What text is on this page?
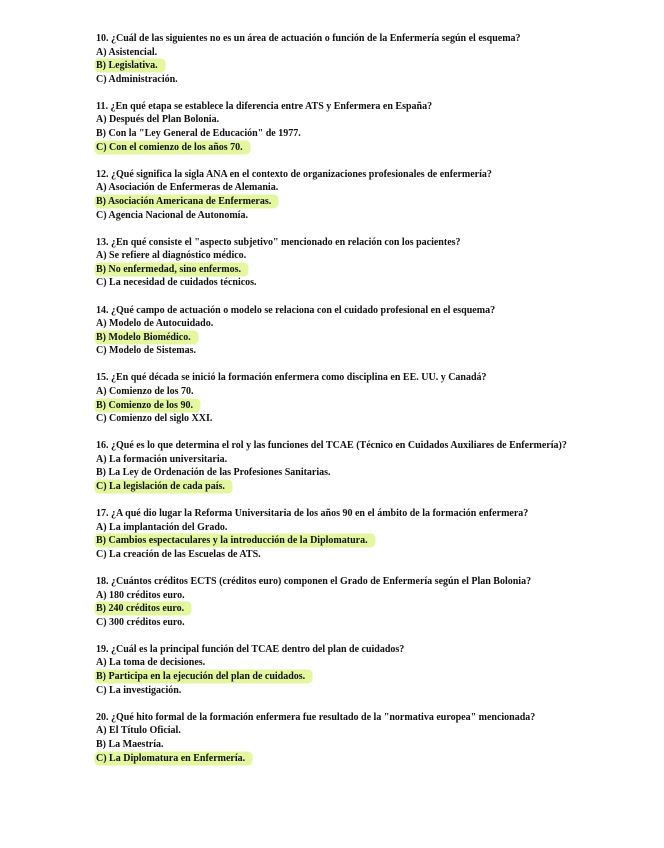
10. ¿Cuál de las siguientes no es un área de actuación o función de la Enfermería según el esquema?
A) Asistencial.
B) Legislativa.
C) Administración.
11. ¿En qué etapa se establece la diferencia entre ATS y Enfermera en España?
A) Después del Plan Bolonia.
B) Con la "Ley General de Educación" de 1977.
C) Con el comienzo de los años 70.
12. ¿Qué significa la sigla ANA en el contexto de organizaciones profesionales de enfermería?
A) Asociación de Enfermeras de Alemania.
B) Asociación Americana de Enfermeras.
C) Agencia Nacional de Autonomía.
13. ¿En qué consiste el "aspecto subjetivo" mencionado en relación con los pacientes?
A) Se refiere al diagnóstico médico.
B) No enfermedad, sino enfermos.
C) La necesidad de cuidados técnicos.
14. ¿Qué campo de actuación o modelo se relaciona con el cuidado profesional en el esquema?
A) Modelo de Autocuidado.
B) Modelo Biomédico.
C) Modelo de Sistemas.
15. ¿En qué década se inició la formación enfermera como disciplina en EE. UU. y Canadá?
A) Comienzo de los 70.
B) Comienzo de los 90.
C) Comienzo del siglo XXI.
16. ¿Qué es lo que determina el rol y las funciones del TCAE (Técnico en Cuidados Auxiliares de Enfermería)?
A) La formación universitaria.
B) La Ley de Ordenación de las Profesiones Sanitarias.
C) La legislación de cada país.
17. ¿A qué dio lugar la Reforma Universitaria de los años 90 en el ámbito de la formación enfermera?
A) La implantación del Grado.
B) Cambios espectaculares y la introducción de la Diplomatura.
C) La creación de las Escuelas de ATS.
18. ¿Cuántos créditos ECTS (créditos euro) componen el Grado de Enfermería según el Plan Bolonia?
A) 180 créditos euro.
B) 240 créditos euro.
C) 300 créditos euro.
19. ¿Cuál es la principal función del TCAE dentro del plan de cuidados?
A) La toma de decisiones.
B) Participa en la ejecución del plan de cuidados.
C) La investigación.
20. ¿Qué hito formal de la formación enfermera fue resultado de la "normativa europea" mencionada?
A) El Título Oficial.
B) La Maestría.
C) La Diplomatura en Enfermería.
